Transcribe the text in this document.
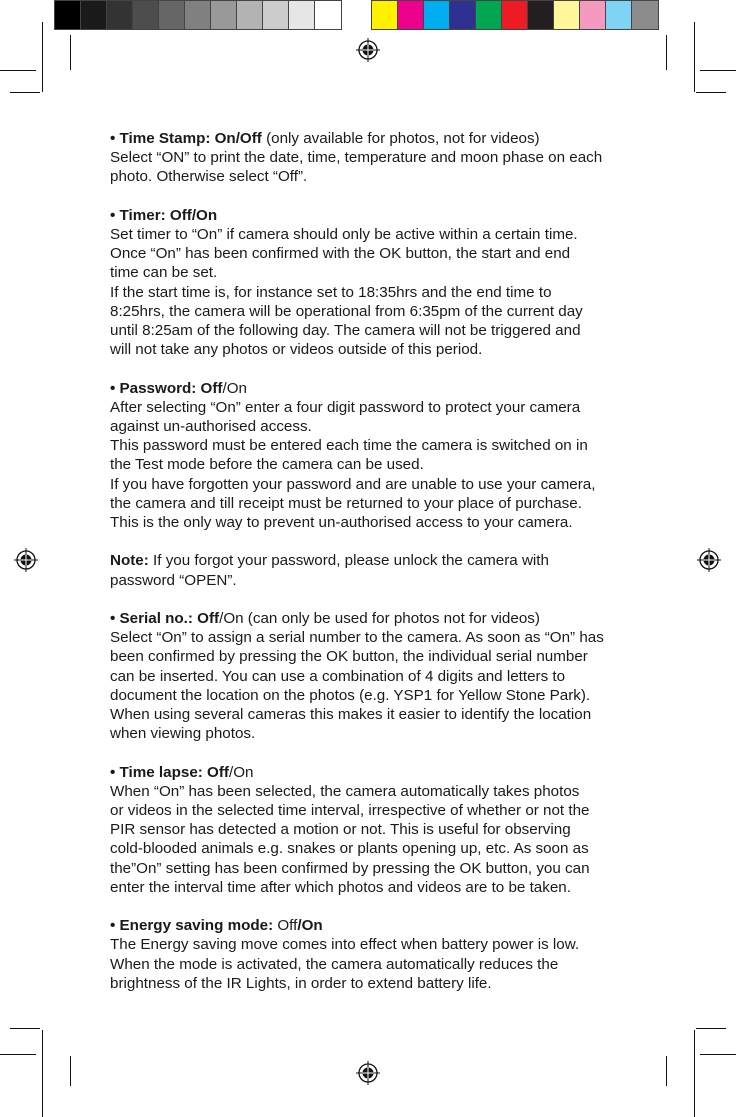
• Time Stamp: On/Off (only available for photos, not for videos)

Select “ON” to print the date, time, temperature and moon phase on each

photo. Otherwise select “Off”.

• Timer: Off/On

Set timer to “On” if camera should only be active within a certain time.

Once “On” has been confirmed with the OK button, the start and end

time can be set.

If the start time is, for instance set to 18:35hrs and the end time to

8:25hrs, the camera will be operational from 6:35pm of the current day

until 8:25am of the following day. The camera will not be triggered and

will not take any photos or videos outside of this period.

• Password: Off/On

After selecting “On” enter a four digit password to protect your camera

against un-authorised access.

This password must be entered each time the camera is switched on in

the Test mode before the camera can be used.

If you have forgotten your password and are unable to use your camera,

the camera and till receipt must be returned to your place of purchase.

This is the only way to prevent un-authorised access to your camera.

Note: If you forgot your password, please unlock the camera with

password “OPEN”.

• Serial no.: Off/On (can only be used for photos not for videos)

Select “On” to assign a serial number to the camera. As soon as “On” has

been confirmed by pressing the OK button, the individual serial number

can be inserted. You can use a combination of 4 digits and letters to

document the location on the photos (e.g. YSP1 for Yellow Stone Park).

When using several cameras this makes it easier to identify the location

when viewing photos.

• Time lapse: Off/On

When “On” has been selected, the camera automatically takes photos

or videos in the selected time interval, irrespective of whether or not the

PIR sensor has detected a motion or not. This is useful for observing

cold-blooded animals e.g. snakes or plants opening up, etc. As soon as

the”On” setting has been confirmed by pressing the OK button, you can

enter the interval time after which photos and videos are to be taken.

• Energy saving mode: Off/On

The Energy saving move comes into effect when battery power is low.

When the mode is activated, the camera automatically reduces the

brightness of the IR Lights, in order to extend battery life.
